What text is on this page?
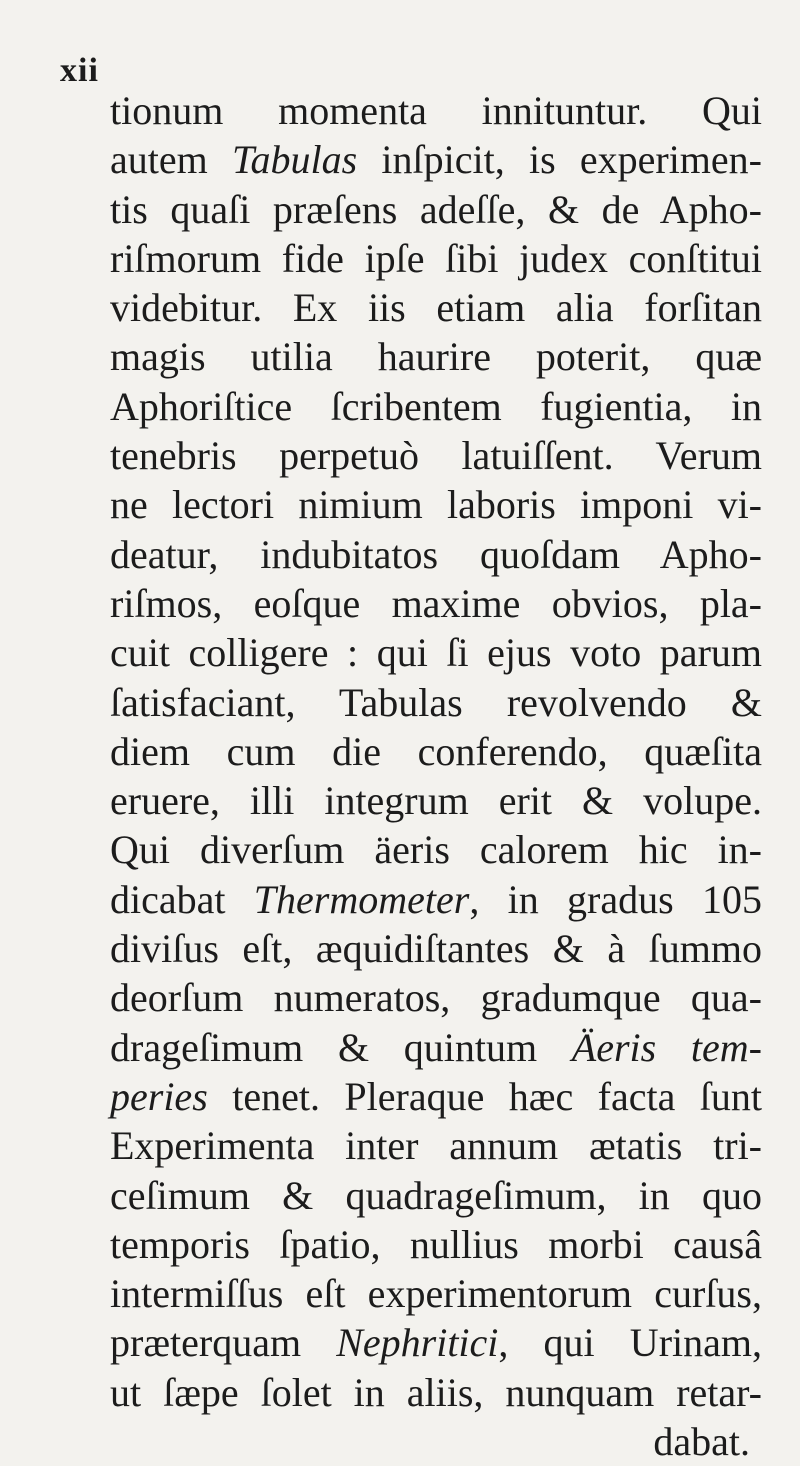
xii
tionum momenta innituntur. Qui
autem Tabulas inſpicit, is experimen-
tis quaſi præſens adeſſe, & de Apho-
riſmorum fide ipſe ſibi judex conſtitui
videbitur. Ex iis etiam alia forſitan
magis utilia haurire poterit, quæ
Aphoriſtice ſcribentem fugientia, in
tenebris perpetuò latuiſſent. Verum
ne lectori nimium laboris imponi vi-
deatur, indubitatos quoſdam Apho-
riſmos, eoſque maxime obvios, pla-
cuit colligere : qui ſi ejus voto parum
ſatisfaciant, Tabulas revolvendo &
diem cum die conferendo, quæſita
eruere, illi integrum erit & volupe.
Qui diverſum äeris calorem hic in-
dicabat Thermometer, in gradus 105
diviſus eſt, æquidiſtantes & à ſummo
deorſum numeratos, gradumque qua-
drageſimum & quintum Äeris tem-
peries tenet. Pleraque hæc facta ſunt
Experimenta inter annum ætatis tri-
ceſimum & quadrageſimum, in quo
temporis ſpatio, nullius morbi causâ
intermiſſus eſt experimentorum curſus,
præterquam Nephritici, qui Urinam,
ut ſæpe ſolet in aliis, nunquam retar-
dabat.
